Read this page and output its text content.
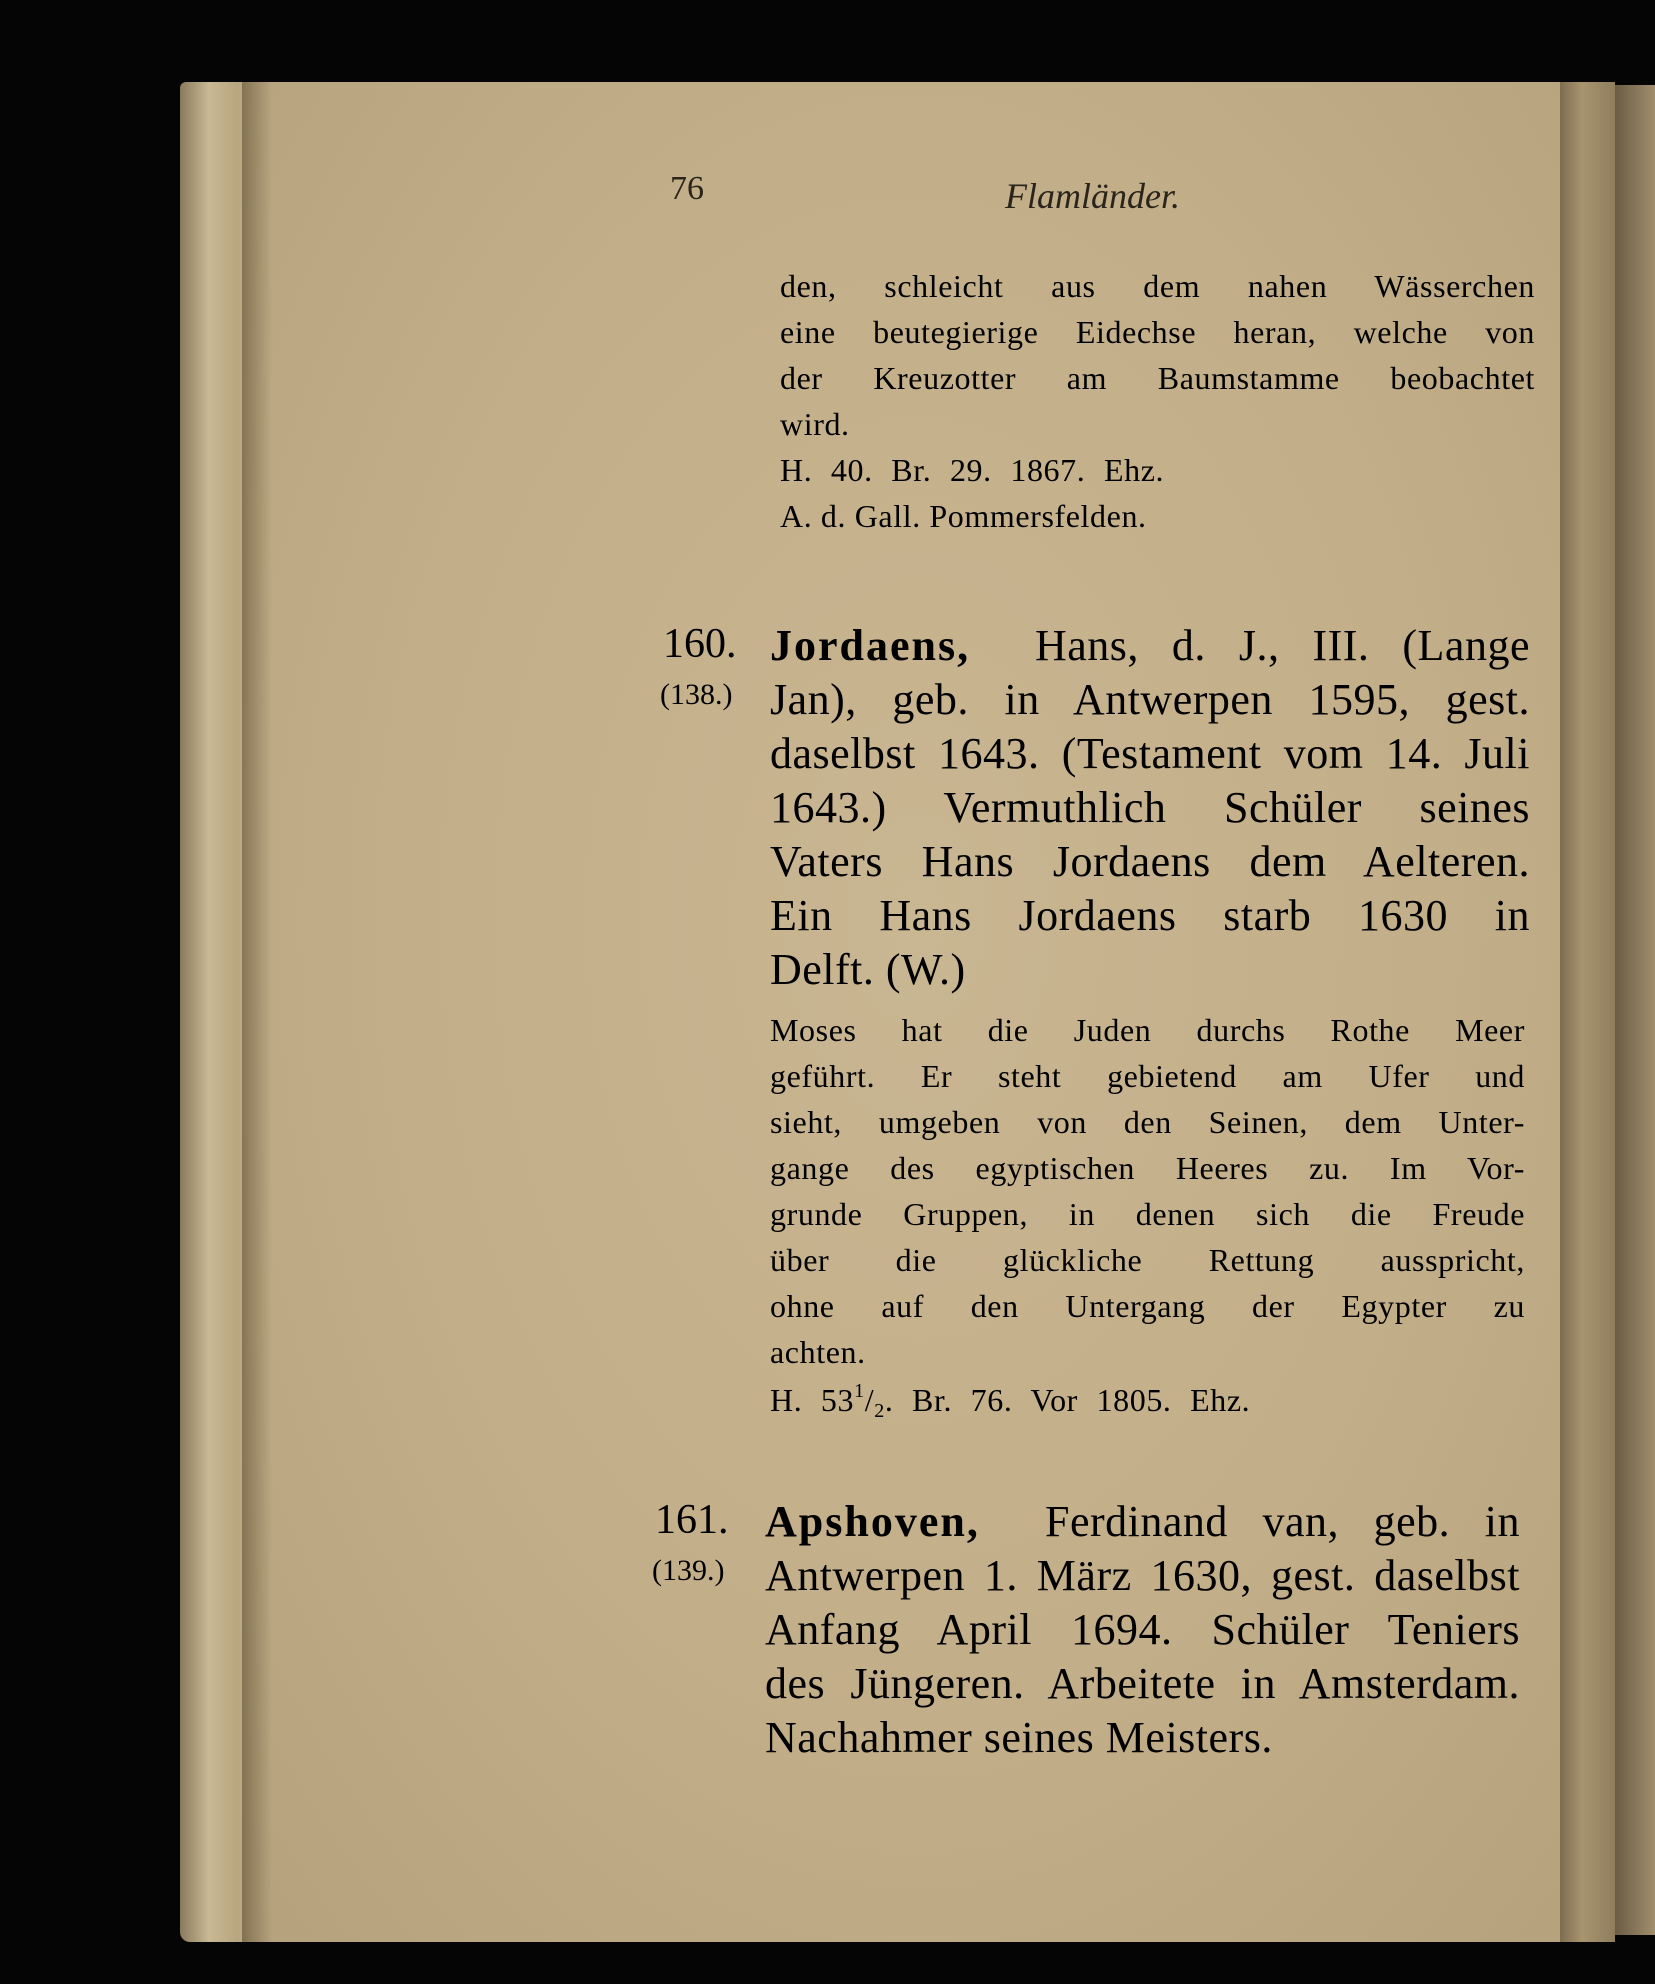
76	Flamländer.
den, schleicht aus dem nahen Wässerchen
eine beutegierige Eidechse heran, welche von
der Kreuzotter am Baumstamme beobachtet
wird.
H. 40. Br. 29. 1867. Ehz.
A. d. Gall. Pommersfelden.
160.
(138.)
Jordaens, Hans, d. J., III. (Lange
Jan), geb. in Antwerpen 1595, gest.
daselbst 1643. (Testament vom 14. Juli
1643.) Vermuthlich Schüler seines
Vaters Hans Jordaens dem Aelteren.
Ein Hans Jordaens starb 1630 in
Delft. (W.)
Moses hat die Juden durchs Rothe Meer
geführt. Er steht gebietend am Ufer und
sieht, umgeben von den Seinen, dem Unter-
gange des egyptischen Heeres zu. Im Vor-
grunde Gruppen, in denen sich die Freude
über die glückliche Rettung ausspricht,
ohne auf den Untergang der Egypter zu
achten.
H. $53^1/_2$. Br. 76. Vor 1805. Ehz.
161.
(139.)
Apshoven, Ferdinand van, geb. in
Antwerpen 1. März 1630, gest. daselbst
Anfang April 1694. Schüler Teniers
des Jüngeren. Arbeitete in Amsterdam.
Nachahmer seines Meisters.
